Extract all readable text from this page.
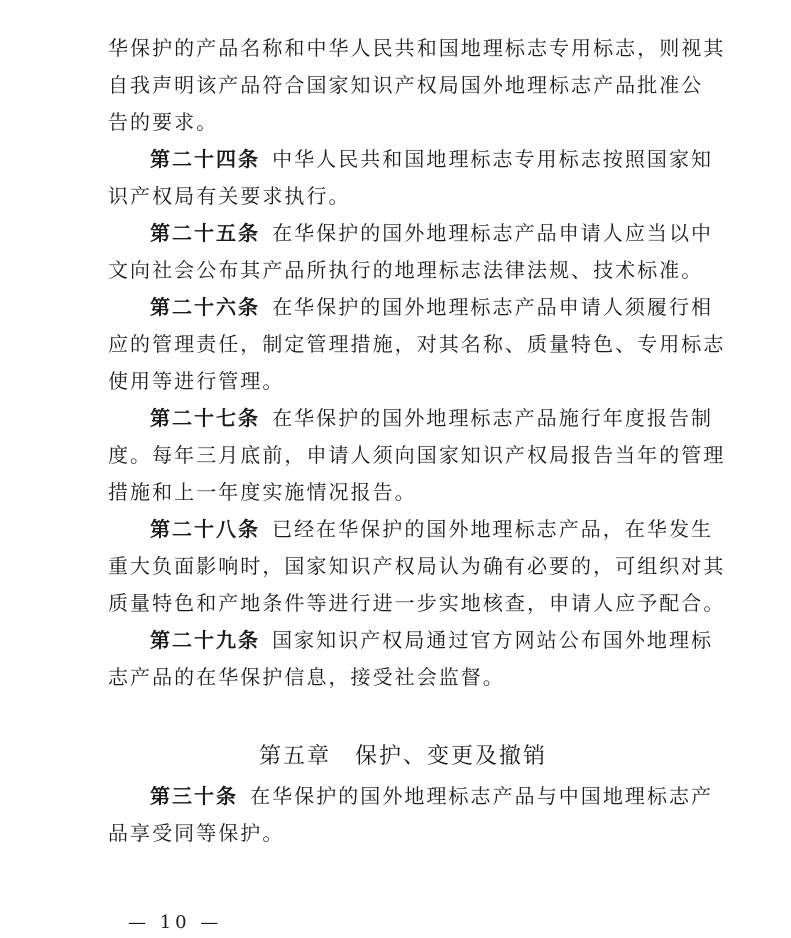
华保护的产品名称和中华人民共和国地理标志专用标志，则视其
自我声明该产品符合国家知识产权局国外地理标志产品批准公
告的要求。
第二十四条  中华人民共和国地理标志专用标志按照国家知
识产权局有关要求执行。
第二十五条  在华保护的国外地理标志产品申请人应当以中
文向社会公布其产品所执行的地理标志法律法规、技术标准。
第二十六条  在华保护的国外地理标志产品申请人须履行相
应的管理责任，制定管理措施，对其名称、质量特色、专用标志
使用等进行管理。
第二十七条  在华保护的国外地理标志产品施行年度报告制
度。每年三月底前，申请人须向国家知识产权局报告当年的管理
措施和上一年度实施情况报告。
第二十八条  已经在华保护的国外地理标志产品，在华发生
重大负面影响时，国家知识产权局认为确有必要的，可组织对其
质量特色和产地条件等进行进一步实地核查，申请人应予配合。
第二十九条  国家知识产权局通过官方网站公布国外地理标
志产品的在华保护信息，接受社会监督。
第五章 保护、变更及撤销
第三十条  在华保护的国外地理标志产品与中国地理标志产
品享受同等保护。
— 10 —
